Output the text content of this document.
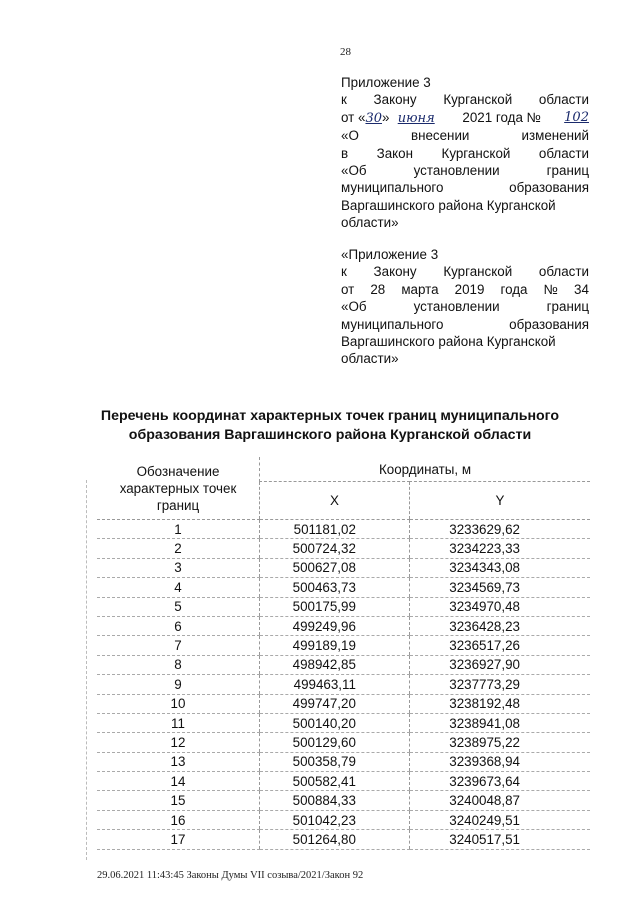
28
Приложение 3
к Закону Курганской области
от «30» июня	2021 года № 102
«О	внесении	изменений
в Закон Курганской области
«Об	установлении	границ
муниципального	образования
Варгашинского района Курганской
области»
«Приложение 3
к Закону Курганской области
от 28 марта 2019 года № 34
«Об	установлении	границ
муниципального	образования
Варгашинского района Курганской
области»
Перечень координат характерных точек границ муниципального
образования Варгашинского района Курганской области
Обозначение характерных точек границ	Координаты, м	
	X	Y
1	501181,02	3233629,62
2	500724,32	3234223,33
3	500627,08	3234343,08
4	500463,73	3234569,73
5	500175,99	3234970,48
6	499249,96	3236428,23
7	499189,19	3236517,26
8	498942,85	3236927,90
9	499463,11	3237773,29
10	499747,20	3238192,48
11	500140,20	3238941,08
12	500129,60	3238975,22
13	500358,79	3239368,94
14	500582,41	3239673,64
15	500884,33	3240048,87
16	501042,23	3240249,51
17	501264,80	3240517,51
29.06.2021 11:43:45 Законы Думы VII созыва/2021/Закон 92
